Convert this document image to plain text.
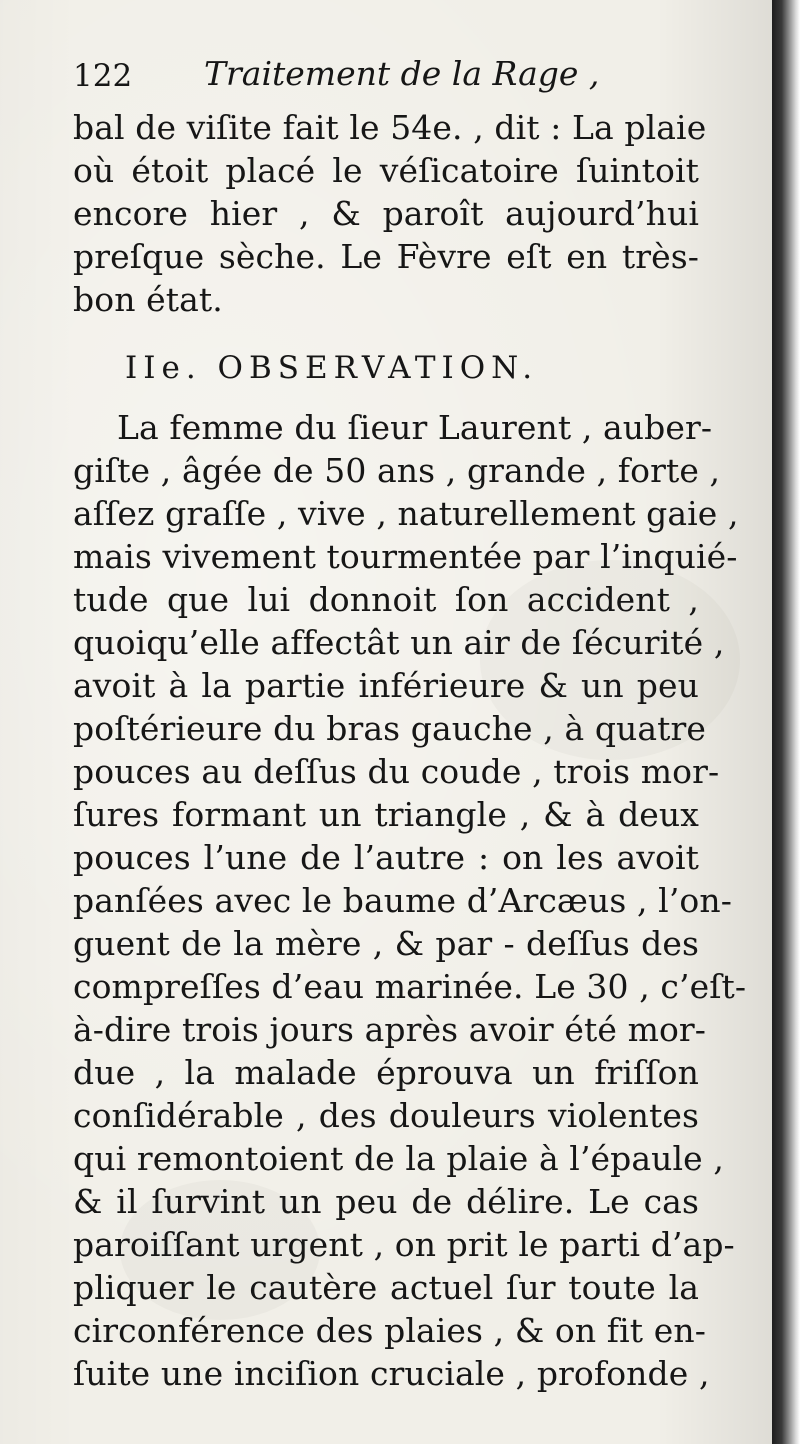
122 Traitement de la Rage ,
bal de viſite fait le 54e. , dit : La plaie
où étoit placé le véſicatoire ſuintoit
encore hier , & paroît aujourd’hui
preſque sèche. Le Fèvre eſt en très-
bon état.
IIe. OBSERVATION.
La femme du ſieur Laurent , auber-
giſte , âgée de 50 ans , grande , forte ,
aſſez graſſe , vive , naturellement gaie ,
mais vivement tourmentée par l’inquié-
tude que lui donnoit ſon accident ,
quoiqu’elle affectât un air de ſécurité ,
avoit à la partie inférieure & un peu
poſtérieure du bras gauche , à quatre
pouces au deſſus du coude , trois mor-
ſures formant un triangle , & à deux
pouces l’une de l’autre : on les avoit
panſées avec le baume d’Arcæus , l’on-
guent de la mère , & par - deſſus des
compreſſes d’eau marinée. Le 30 , c’eſt-
à-dire trois jours après avoir été mor-
due , la malade éprouva un friſſon
conſidérable , des douleurs violentes
qui remontoient de la plaie à l’épaule ,
& il ſurvint un peu de délire. Le cas
paroiſſant urgent , on prit le parti d’ap-
pliquer le cautère actuel ſur toute la
circonférence des plaies , & on fit en-
ſuite une inciſion cruciale , profonde ,
